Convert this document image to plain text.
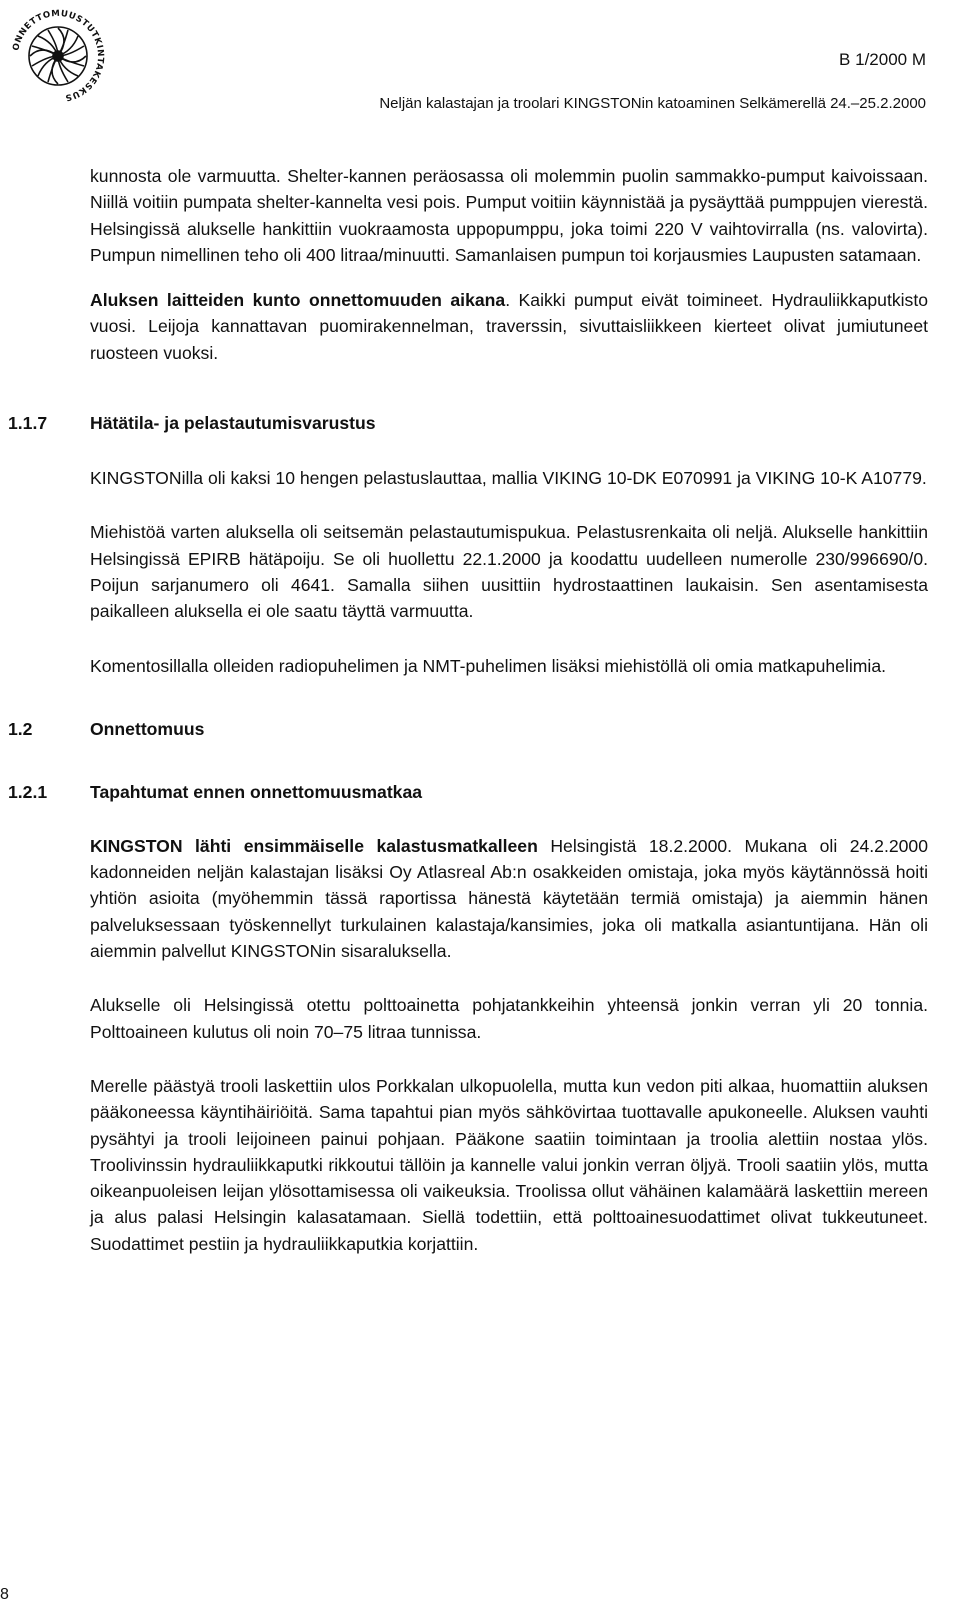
ONNETTOMUUSTUTKINTAKESKUS
B 1/2000 M
Neljän kalastajan ja troolari KINGSTONin katoaminen Selkämerellä 24.–25.2.2000

kunnosta ole varmuutta. Shelter-kannen peräosassa oli molemmin puolin sammakko-pumput kaivoissaan. Niillä voitiin pumpata shelter-kannelta vesi pois. Pumput voitiin käynnistää ja pysäyttää pumppujen vierestä. Helsingissä alukselle hankittiin vuokraamosta uppopumppu, joka toimi 220 V vaihtovirralla (ns. valovirta). Pumpun nimellinen teho oli 400 litraa/minuutti. Samanlaisen pumpun toi korjausmies Laupusten satamaan.

Aluksen laitteiden kunto onnettomuuden aikana. Kaikki pumput eivät toimineet. Hydrauliikkaputkisto vuosi. Leijoja kannattavan puomirakennelman, traverssin, sivuttaisliikkeen kierteet olivat jumiutuneet ruosteen vuoksi.

1.1.7	Hätätila- ja pelastautumisvarustus

KINGSTONilla oli kaksi 10 hengen pelastuslauttaa, mallia VIKING 10-DK E070991 ja VIKING 10-K A10779.

Miehistöä varten aluksella oli seitsemän pelastautumispukua. Pelastusrenkaita oli neljä. Alukselle hankittiin Helsingissä EPIRB hätäpoiju. Se oli huollettu 22.1.2000 ja koodattu uudelleen numerolle 230/996690/0. Poijun sarjanumero oli 4641. Samalla siihen uusittiin hydrostaattinen laukaisin. Sen asentamisesta paikalleen aluksella ei ole saatu täyttä varmuutta.

Komentosillalla olleiden radiopuhelimen ja NMT-puhelimen lisäksi miehistöllä oli omia matkapuhelimia.

1.2	Onnettomuus
1.2.1	Tapahtumat ennen onnettomuusmatkaa

KINGSTON lähti ensimmäiselle kalastusmatkalleen Helsingistä 18.2.2000. Mukana oli 24.2.2000 kadonneiden neljän kalastajan lisäksi Oy Atlasreal Ab:n osakkeiden omistaja, joka myös käytännössä hoiti yhtiön asioita (myöhemmin tässä raportissa hänestä käytetään termiä omistaja) ja aiemmin hänen palveluksessaan työskennellyt turkulainen kalastaja/kansimies, joka oli matkalla asiantuntijana. Hän oli aiemmin palvellut KINGSTONin sisaraluksella.

Alukselle oli Helsingissä otettu polttoainetta pohjatankkeihin yhteensä jonkin verran yli 20 tonnia. Polttoaineen kulutus oli noin 70–75 litraa tunnissa.

Merelle päästyä trooli laskettiin ulos Porkkalan ulkopuolella, mutta kun vedon piti alkaa, huomattiin aluksen pääkoneessa käyntihäiriöitä. Sama tapahtui pian myös sähkövirtaa tuottavalle apukoneelle. Aluksen vauhti pysähtyi ja trooli leijoineen painui pohjaan. Pääkone saatiin toimintaan ja troolia alettiin nostaa ylös. Troolivinssin hydrauliikkaputki rikkoutui tällöin ja kannelle valui jonkin verran öljyä. Trooli saatiin ylös, mutta oikeanpuoleisen leijan ylösottamisessa oli vaikeuksia. Troolissa ollut vähäinen kalamäärä laskettiin mereen ja alus palasi Helsingin kalasatamaan. Siellä todettiin, että polttoainesuodattimet olivat tukkeutuneet. Suodattimet pestiin ja hydrauliikkaputkia korjattiin.

8
